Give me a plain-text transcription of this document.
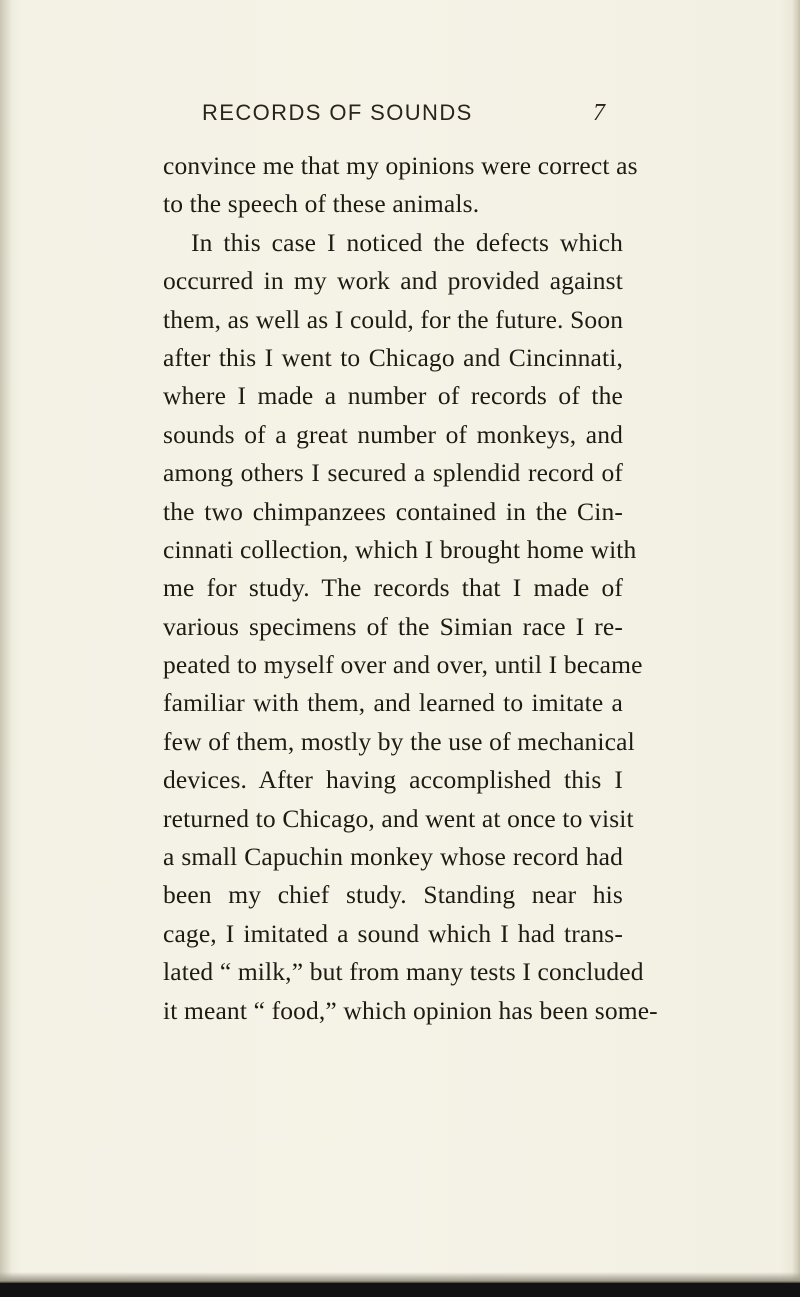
RECORDS OF SOUNDS	7
convince me that my opinions were correct as
to the speech of these animals.
In this case I noticed the defects which
occurred in my work and provided against
them, as well as I could, for the future. Soon
after this I went to Chicago and Cincinnati,
where I made a number of records of the
sounds of a great number of monkeys, and
among others I secured a splendid record of
the two chimpanzees contained in the Cin-
cinnati collection, which I brought home with
me for study. The records that I made of
various specimens of the Simian race I re-
peated to myself over and over, until I became
familiar with them, and learned to imitate a
few of them, mostly by the use of mechanical
devices. After having accomplished this I
returned to Chicago, and went at once to visit
a small Capuchin monkey whose record had
been my chief study. Standing near his
cage, I imitated a sound which I had trans-
lated “ milk,” but from many tests I concluded
it meant “ food,” which opinion has been some-
